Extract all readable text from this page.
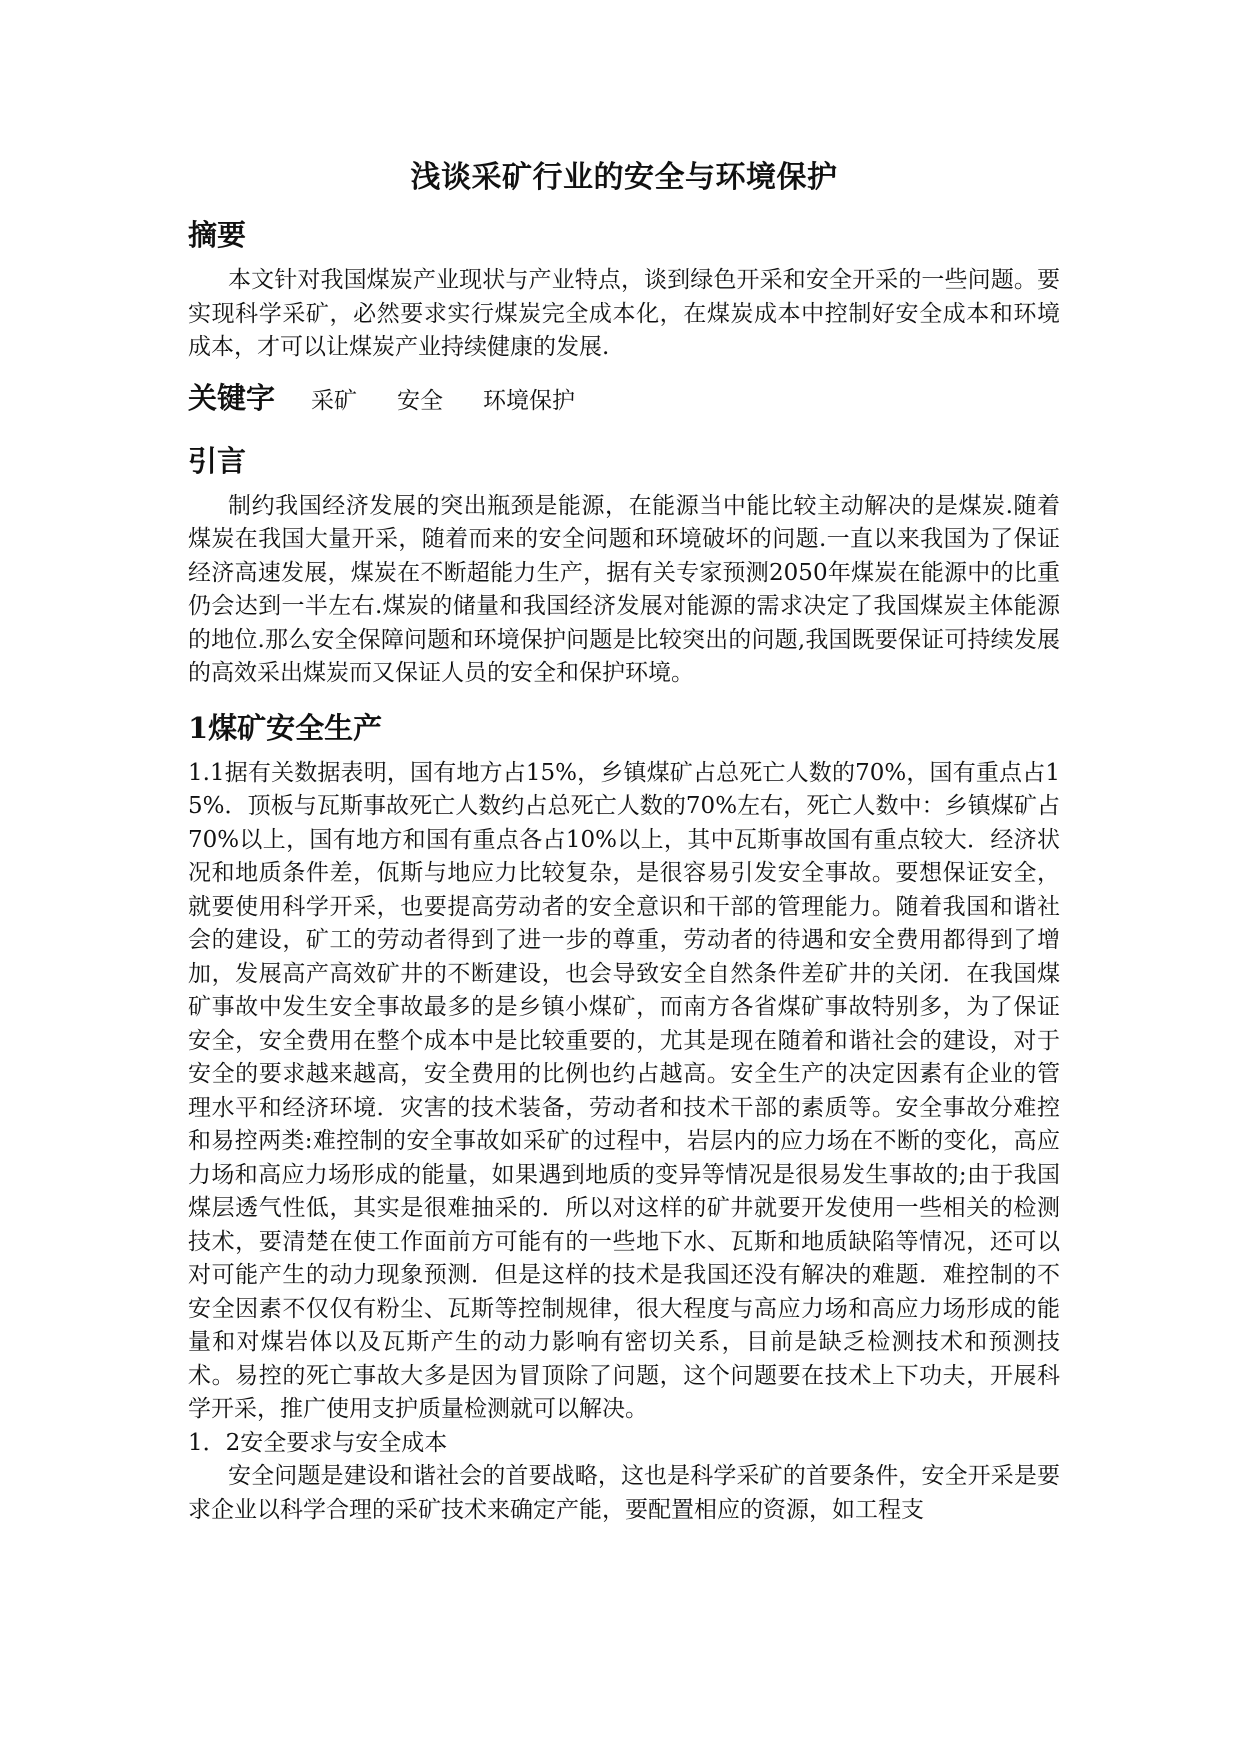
浅谈采矿行业的安全与环境保护
摘要

本文针对我国煤炭产业现状与产业特点，谈到绿色开采和安全开采的一些问题。要实现科学采矿，必然要求实行煤炭完全成本化，在煤炭成本中控制好安全成本和环境成本，才可以让煤炭产业持续健康的发展.

关键字 采矿 安全 环境保护
引言

制约我国经济发展的突出瓶颈是能源，在能源当中能比较主动解决的是煤炭.随着煤炭在我国大量开采，随着而来的安全问题和环境破坏的问题.一直以来我国为了保证经济高速发展，煤炭在不断超能力生产，据有关专家预测2050年煤炭在能源中的比重仍会达到一半左右.煤炭的储量和我国经济发展对能源的需求决定了我国煤炭主体能源的地位.那么安全保障问题和环境保护问题是比较突出的问题,我国既要保证可持续发展的高效采出煤炭而又保证人员的安全和保护环境。

1煤矿安全生产

1.1据有关数据表明，国有地方占15%，乡镇煤矿占总死亡人数的70%，国有重点占15%．顶板与瓦斯事故死亡人数约占总死亡人数的70%左右，死亡人数中：乡镇煤矿占70%以上，国有地方和国有重点各占10%以上，其中瓦斯事故国有重点较大．经济状况和地质条件差，佤斯与地应力比较复杂，是很容易引发安全事故。要想保证安全，就要使用科学开采，也要提高劳动者的安全意识和干部的管理能力。随着我国和谐社会的建设，矿工的劳动者得到了进一步的尊重，劳动者的待遇和安全费用都得到了增加，发展高产高效矿井的不断建设，也会导致安全自然条件差矿井的关闭．在我国煤矿事故中发生安全事故最多的是乡镇小煤矿，而南方各省煤矿事故特别多，为了保证安全，安全费用在整个成本中是比较重要的，尤其是现在随着和谐社会的建设，对于安全的要求越来越高，安全费用的比例也约占越高。安全生产的决定因素有企业的管理水平和经济环境．灾害的技术装备，劳动者和技术干部的素质等。安全事故分难控和易控两类:难控制的安全事故如采矿的过程中，岩层内的应力场在不断的变化，高应力场和高应力场形成的能量，如果遇到地质的变异等情况是很易发生事故的;由于我国煤层透气性低，其实是很难抽采的．所以对这样的矿井就要开发使用一些相关的检测技术，要清楚在使工作面前方可能有的一些地下水、瓦斯和地质缺陷等情况，还可以对可能产生的动力现象预测．但是这样的技术是我国还没有解决的难题．难控制的不安全因素不仅仅有粉尘、瓦斯等控制规律，很大程度与高应力场和高应力场形成的能量和对煤岩体以及瓦斯产生的动力影响有密切关系，目前是缺乏检测技术和预测技术。易控的死亡事故大多是因为冒顶除了问题，这个问题要在技术上下功夫，开展科学开采，推广使用支护质量检测就可以解决。

1．2安全要求与安全成本

安全问题是建设和谐社会的首要战略，这也是科学采矿的首要条件，安全开采是要求企业以科学合理的采矿技术来确定产能，要配置相应的资源，如工程支
